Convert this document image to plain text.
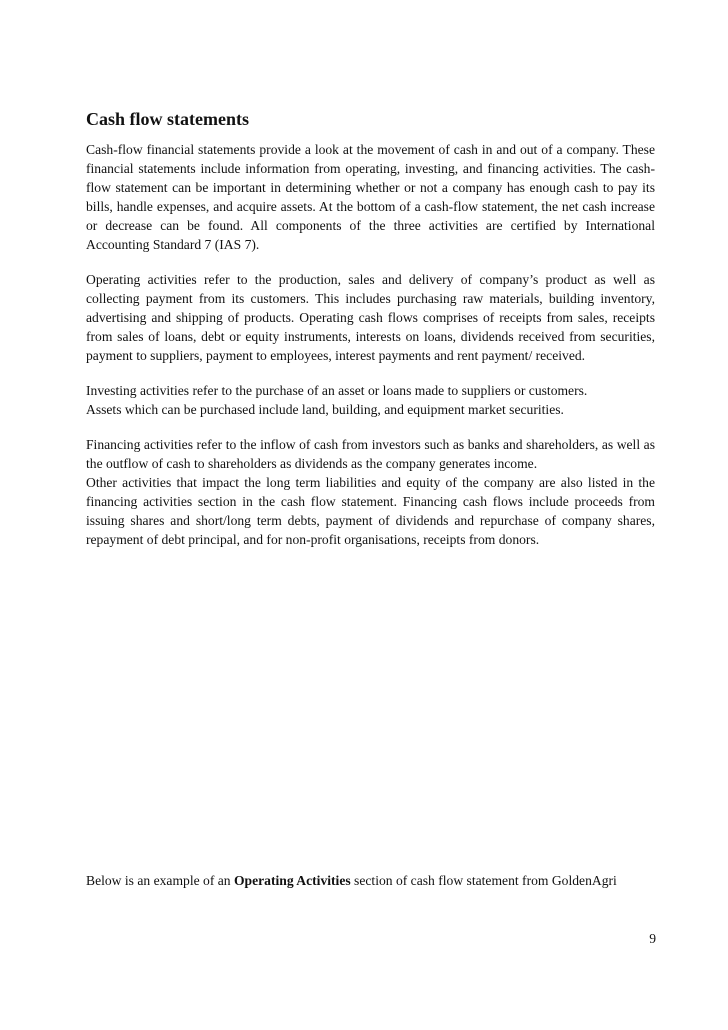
Cash flow statements

Cash-flow financial statements provide a look at the movement of cash in and out of a company. These financial statements include information from operating, investing, and financing activities. The cash-flow statement can be important in determining whether or not a company has enough cash to pay its bills, handle expenses, and acquire assets. At the bottom of a cash-flow statement, the net cash increase or decrease can be found. All components of the three activities are certified by International Accounting Standard 7 (IAS 7).

Operating activities refer to the production, sales and delivery of company’s product as well as collecting payment from its customers. This includes purchasing raw materials, building inventory, advertising and shipping of products. Operating cash flows comprises of receipts from sales, receipts from sales of loans, debt or equity instruments, interests on loans, dividends received from securities, payment to suppliers, payment to employees, interest payments and rent payment/ received.

Investing activities refer to the purchase of an asset or loans made to suppliers or customers.

Assets which can be purchased include land, building, and equipment market securities.

Financing activities refer to the inflow of cash from investors such as banks and shareholders, as well as the outflow of cash to shareholders as dividends as the company generates income.

Other activities that impact the long term liabilities and equity of the company are also listed in the financing activities section in the cash flow statement. Financing cash flows include proceeds from issuing shares and short/long term debts, payment of dividends and repurchase of company shares, repayment of debt principal, and for non-profit organisations, receipts from donors.

Below is an example of an Operating Activities section of cash flow statement from GoldenAgri
9
